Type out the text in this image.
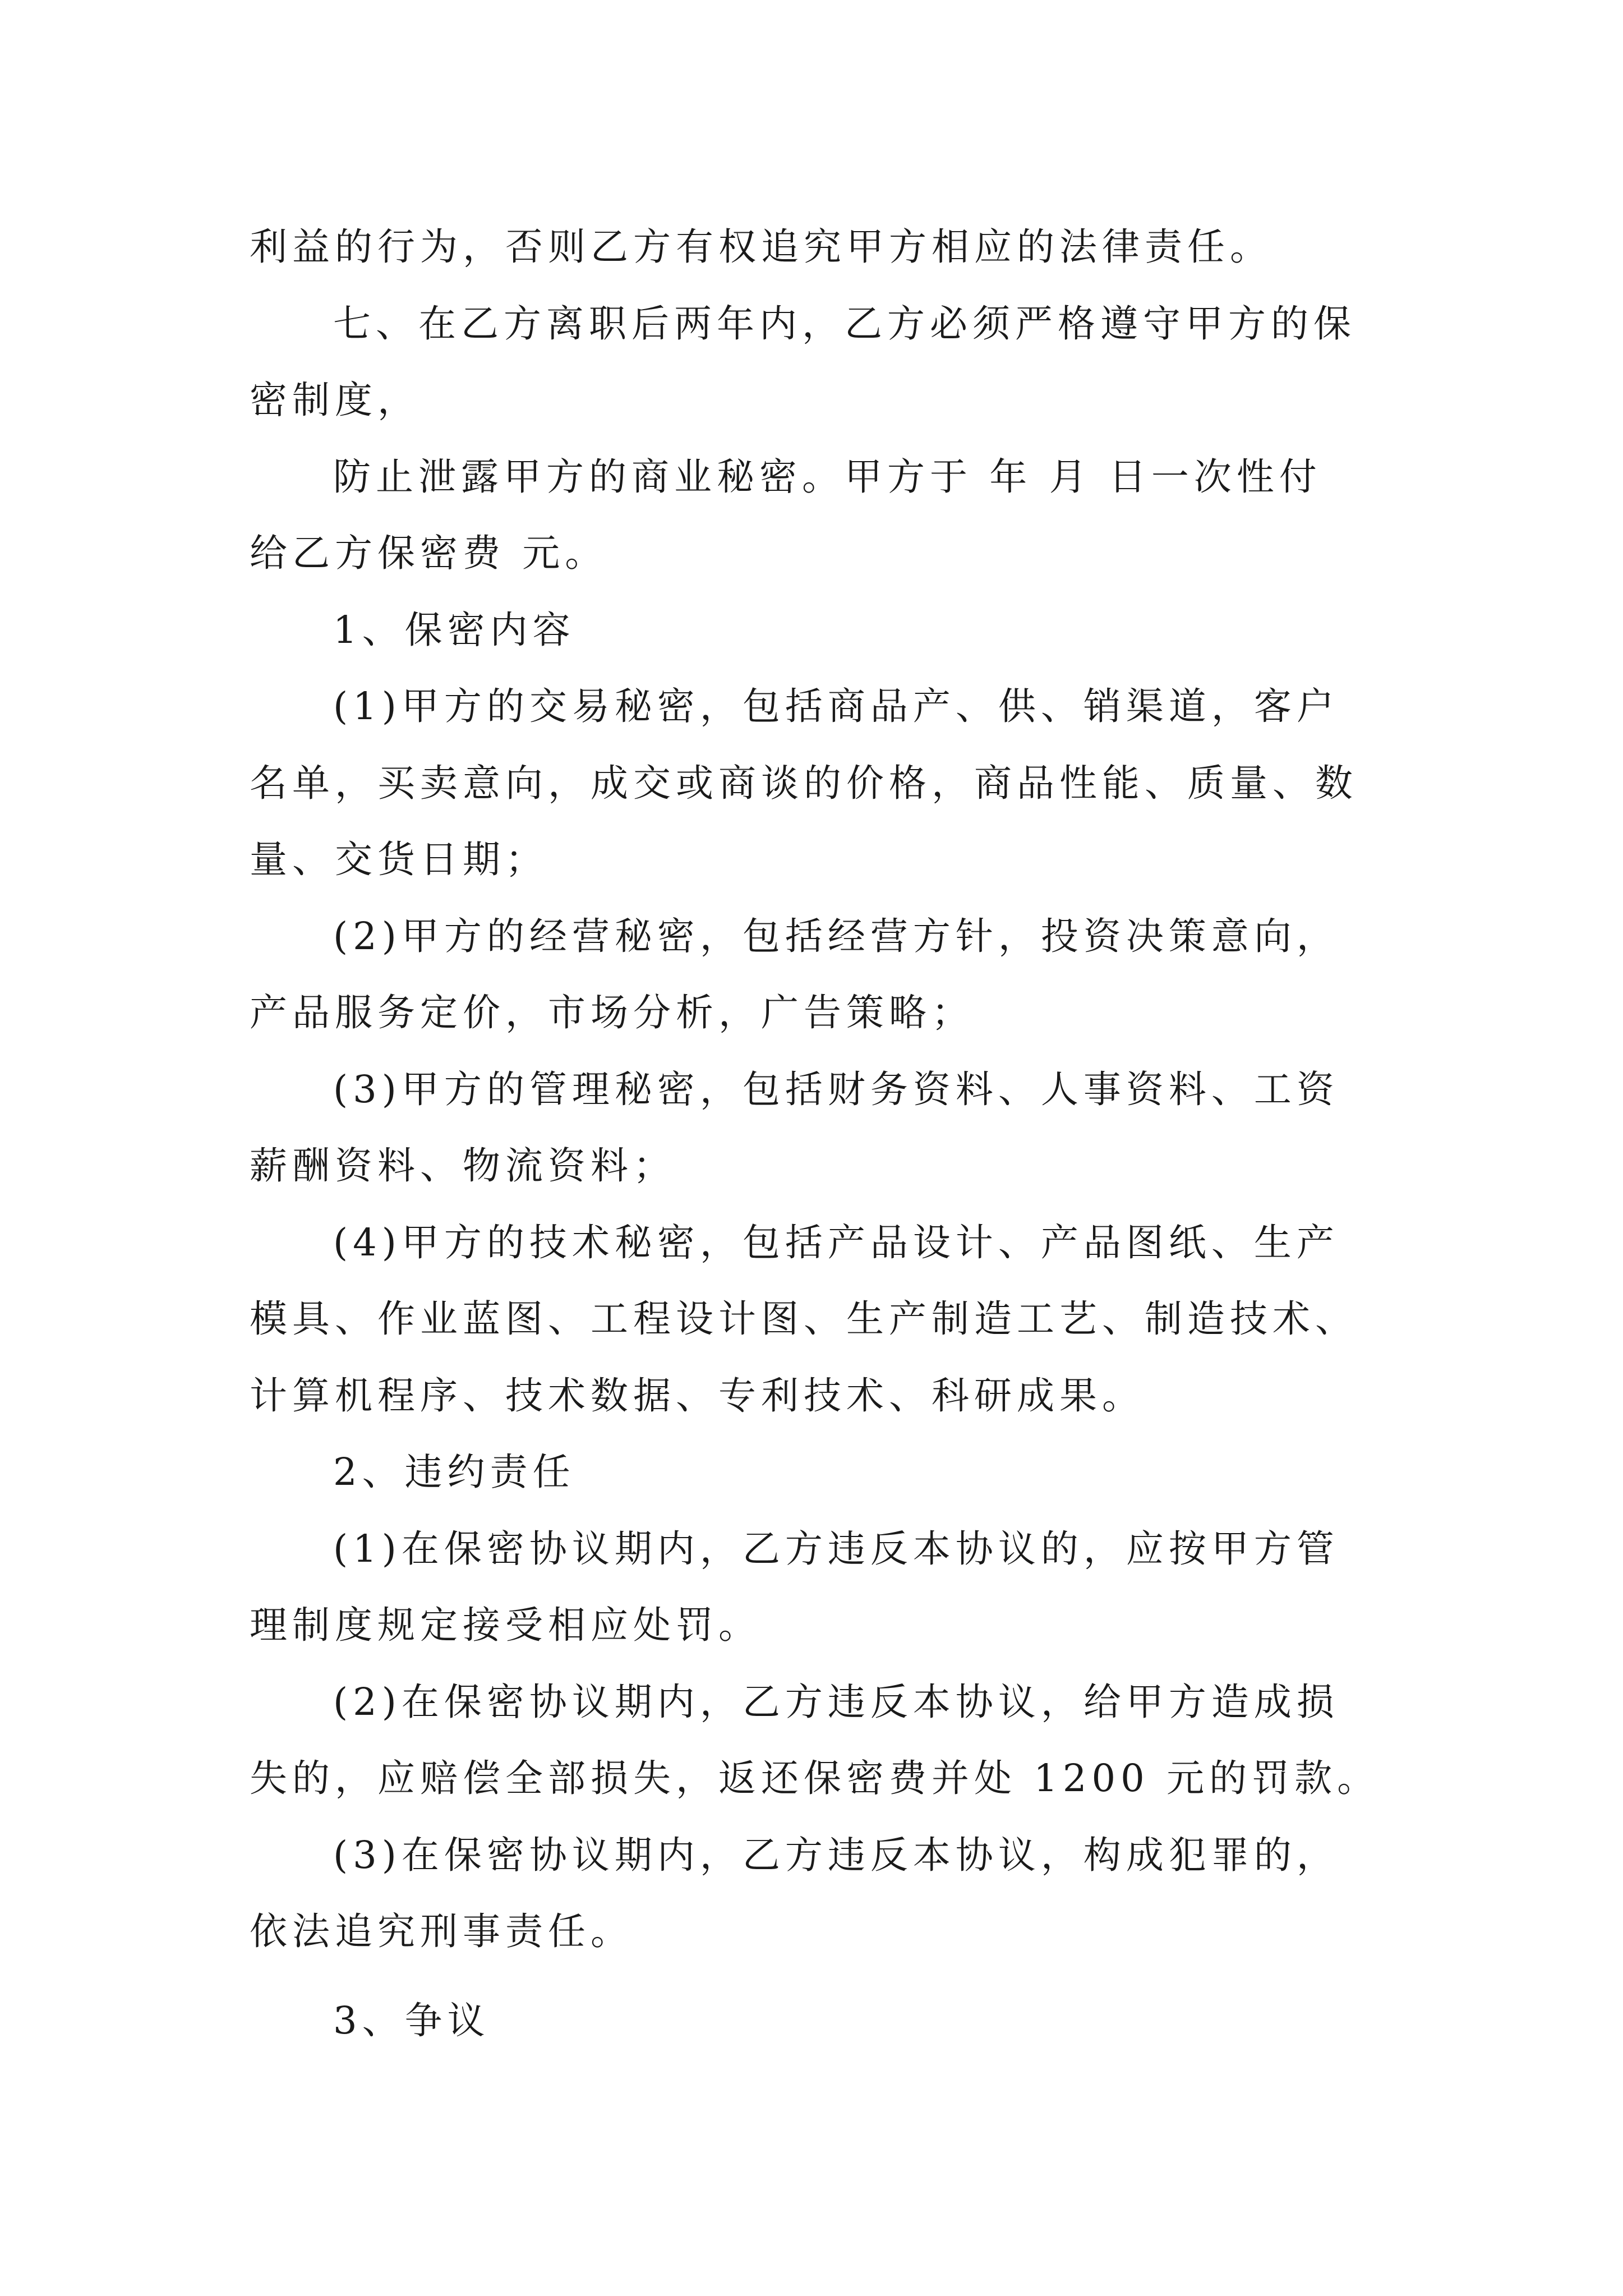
利益的行为，否则乙方有权追究甲方相应的法律责任。
七、在乙方离职后两年内，乙方必须严格遵守甲方的保
密制度，
防止泄露甲方的商业秘密。甲方于 年 月 日一次性付
给乙方保密费 元。
1、保密内容
(1)甲方的交易秘密，包括商品产、供、销渠道，客户
名单，买卖意向，成交或商谈的价格，商品性能、质量、数
量、交货日期；
(2)甲方的经营秘密，包括经营方针，投资决策意向，
产品服务定价，市场分析，广告策略；
(3)甲方的管理秘密，包括财务资料、人事资料、工资
薪酬资料、物流资料；
(4)甲方的技术秘密，包括产品设计、产品图纸、生产
模具、作业蓝图、工程设计图、生产制造工艺、制造技术、
计算机程序、技术数据、专利技术、科研成果。
2、违约责任
(1)在保密协议期内，乙方违反本协议的，应按甲方管
理制度规定接受相应处罚。
(2)在保密协议期内，乙方违反本协议，给甲方造成损
失的，应赔偿全部损失，返还保密费并处 1200 元的罚款。
(3)在保密协议期内，乙方违反本协议，构成犯罪的，
依法追究刑事责任。
3、争议
